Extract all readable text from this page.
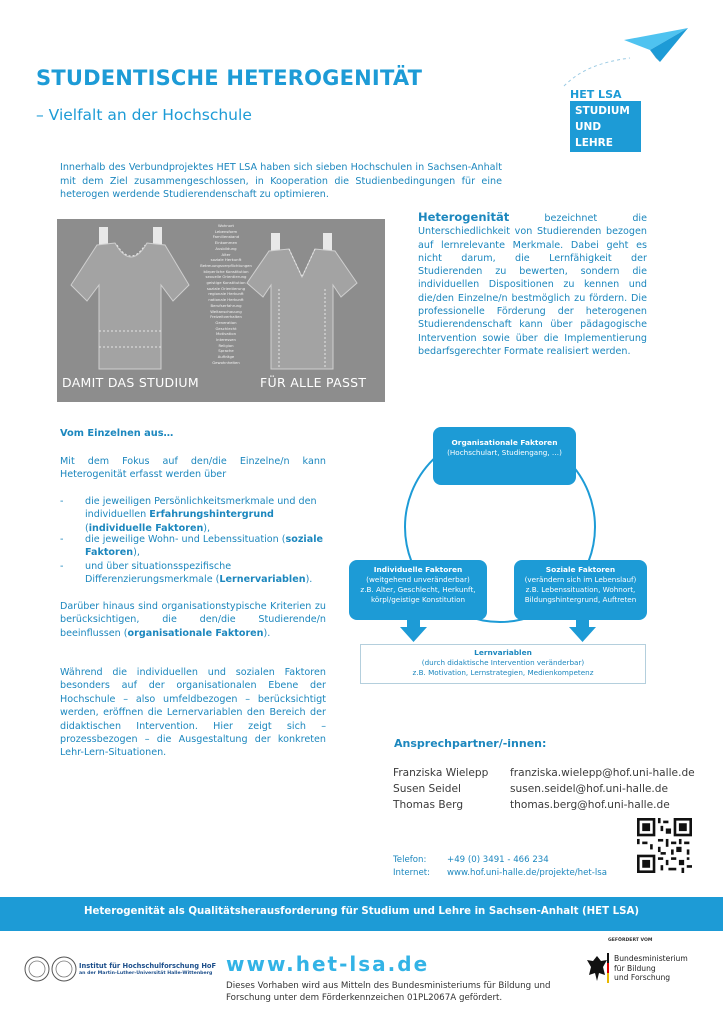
STUDENTISCHE HETEROGENITÄT
– Vielfalt an der Hochschule
HET LSA
STUDIUM
UND
LEHRE
Innerhalb des Verbundprojektes HET LSA haben sich sieben Hochschulen in Sachsen-Anhalt mit dem Ziel zusammengeschlossen, in Kooperation die Studienbedingungen für eine heterogen werdende Studierendenschaft zu optimieren.
Wohnort
Lebensform
Familienstand
Einkommen
Ausbildung
Alter
soziale Herkunft
Betreuungsverpflichtungen
körperliche Konstitution
sexuelle Orientierung
geistige Konstitution
soziale Orientierung
regionale Herkunft
nationale Herkunft
Berufserfahrung
Weltanschauung
Freizeitverhalten
Generation
Geschlecht
Motivation
Interessen
Religion
Sprache
Aufträge
Gewohnheiten
DAMIT DAS STUDIUM	FÜR ALLE PASST
Heterogenität bezeichnet die Unterschiedlichkeit von Studierenden bezogen auf lernrelevante Merkmale. Dabei geht es nicht darum, die Lernfähigkeit der Studierenden zu bewerten, sondern die individuellen Dispositionen zu kennen und die/den Einzelne/n bestmöglich zu fördern. Die professionelle Förderung der heterogenen Studierendenschaft kann über pädagogische Intervention sowie über die Implementierung bedarfsgerechter Formate realisiert werden.
Vom Einzelnen aus…
Mit dem Fokus auf den/die Einzelne/n kann Heterogenität erfasst werden über
- die jeweiligen Persönlichkeitsmerkmale und den individuellen Erfahrungshintergrund (individuelle Faktoren),
- die jeweilige Wohn- und Lebenssituation (soziale Faktoren),
- und über situationsspezifische Differenzierungsmerkmale (Lernervariablen).
Darüber hinaus sind organisationstypische Kriterien zu berücksichtigen, die den/die Studierende/n beeinflussen (organisationale Faktoren).
Während die individuellen und sozialen Faktoren besonders auf der organisationalen Ebene der Hochschule – also umfeldbezogen – berücksichtigt werden, eröffnen die Lernervariablen den Bereich der didaktischen Intervention. Hier zeigt sich – prozessbezogen – die Ausgestaltung der konkreten Lehr-Lern-Situationen.
Organisationale Faktoren
(Hochschulart, Studiengang, …)
Individuelle Faktoren
(weitgehend unveränderbar)
z.B. Alter, Geschlecht, Herkunft,
körpl/geistige Konstitution
Soziale Faktoren
(verändern sich im Lebenslauf)
z.B. Lebenssituation, Wohnort,
Bildungshintergrund, Auftreten
Lernvariablen
(durch didaktische Intervention veränderbar)
z.B. Motivation, Lernstrategien, Medienkompetenz
Ansprechpartner/-innen:
Franziska Wielepp franziska.wielepp@hof.uni-halle.de
Susen Seidel	susen.seidel@hof.uni-halle.de
Thomas Berg	thomas.berg@hof.uni-halle.de
Telefon: +49 (0) 3491 - 466 234
Internet: www.hof.uni-halle.de/projekte/het-lsa
Heterogenität als Qualitätsherausforderung für Studium und Lehre in Sachsen-Anhalt (HET LSA)
Institut für Hochschulforschung HoF
an der Martin-Luther-Universität Halle-Wittenberg www.het-lsa.de
Dieses Vorhaben wird aus Mitteln des Bundesministeriums für Bildung und Forschung unter dem Förderkennzeichen 01PL2067A gefördert.
GEFÖRDERT VOM
Bundesministerium
für Bildung
und Forschung
